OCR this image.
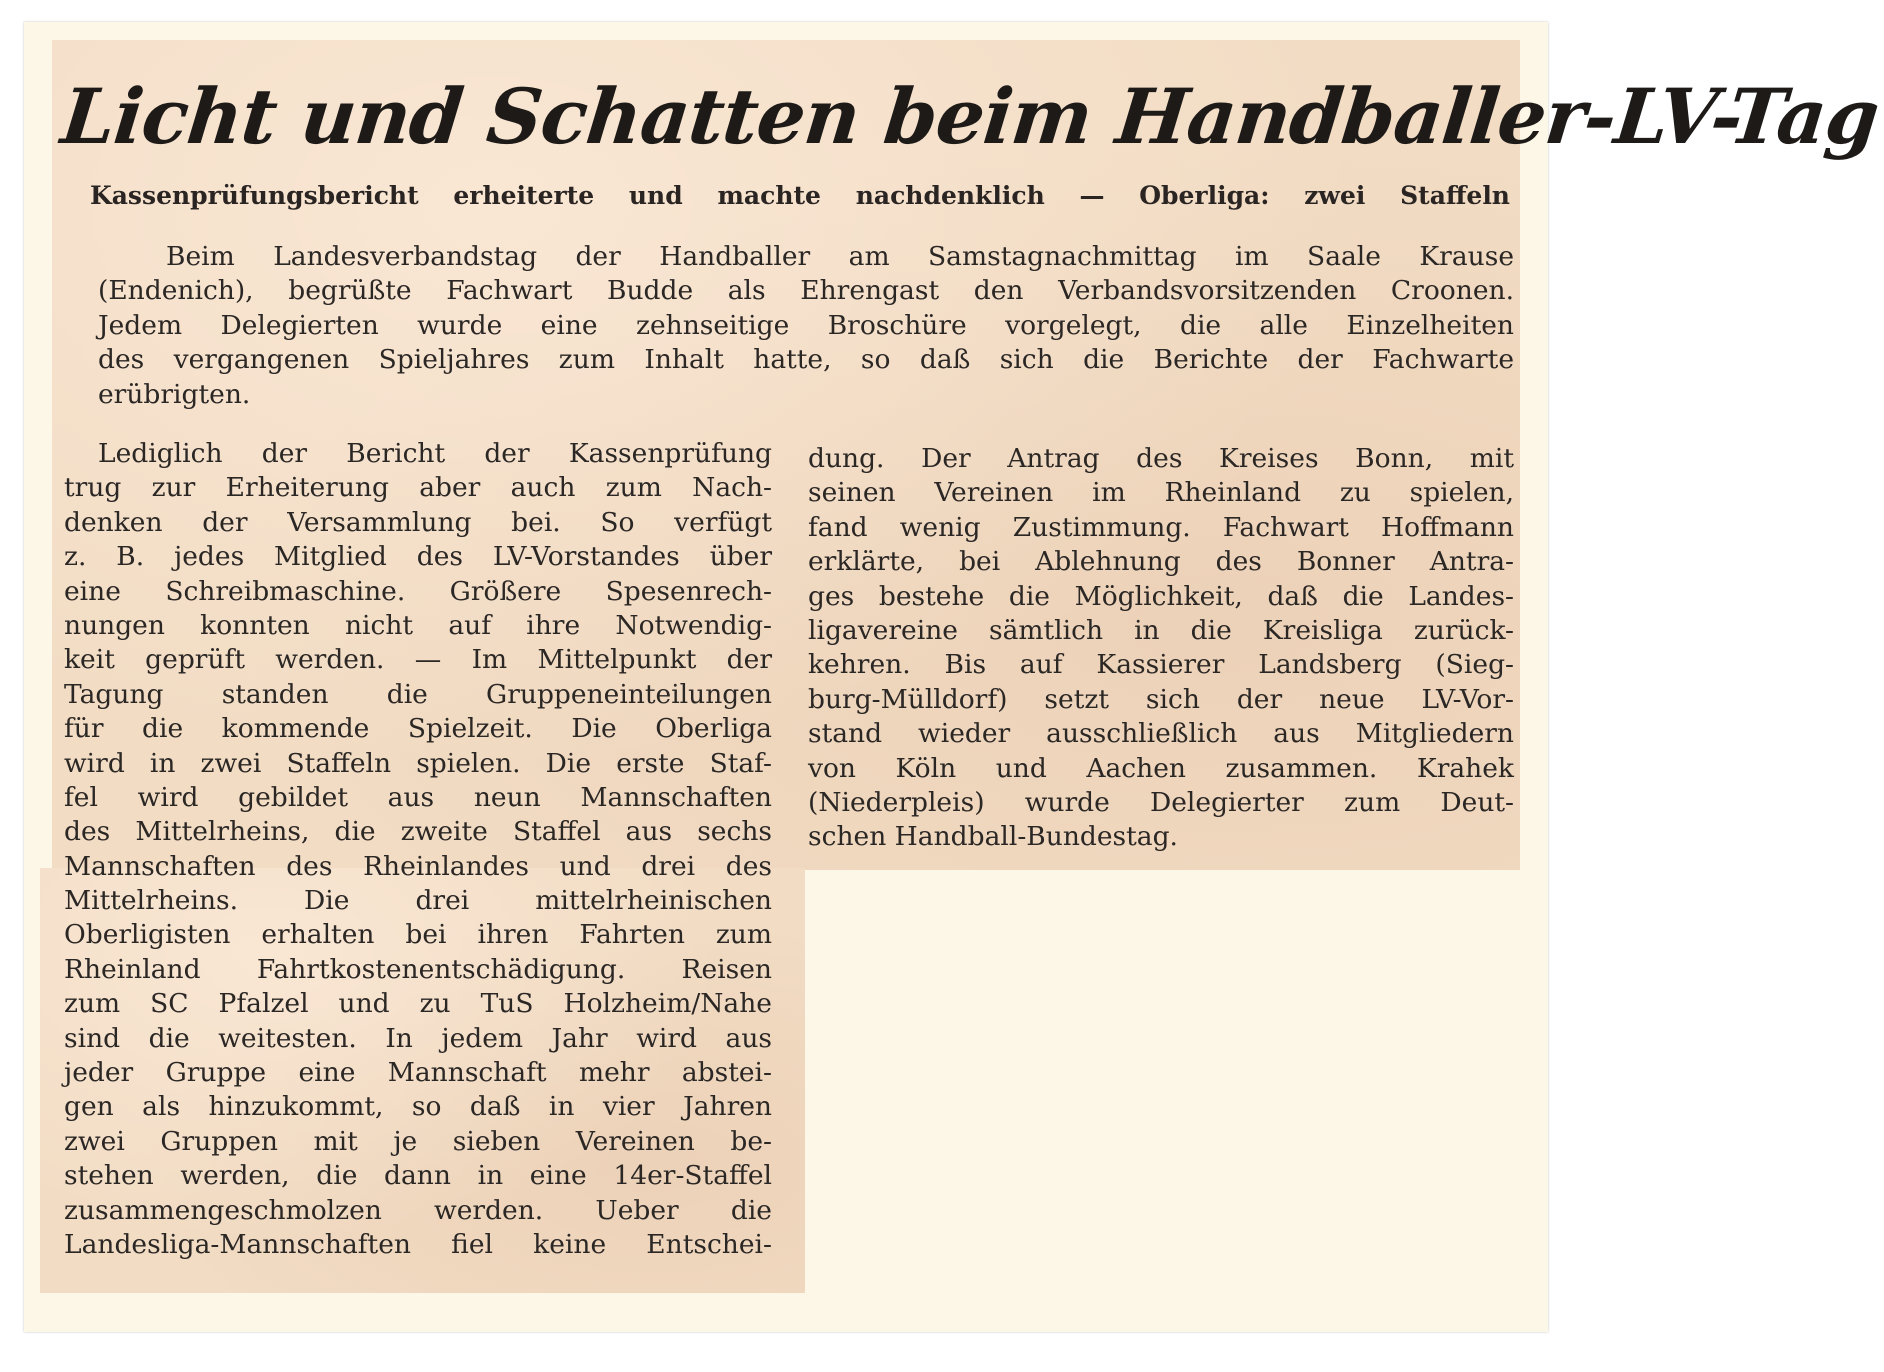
Licht und Schatten beim Handballer-LV-Tag
Kassenprüfungsbericht erheiterte und machte nachdenklich — Oberliga: zwei Staffeln
Beim Landesverbandstag der Handballer am Samstagnachmittag im Saale Krause
(Endenich), begrüßte Fachwart Budde als Ehrengast den Verbandsvorsitzenden Croonen.
Jedem Delegierten wurde eine zehnseitige Broschüre vorgelegt, die alle Einzelheiten
des vergangenen Spieljahres zum Inhalt hatte, so daß sich die Berichte der Fachwarte
erübrigten.
Lediglich der Bericht der Kassenprüfung
trug zur Erheiterung aber auch zum Nach-
denken der Versammlung bei. So verfügt
z. B. jedes Mitglied des LV-Vorstandes über
eine Schreibmaschine. Größere Spesenrech-
nungen konnten nicht auf ihre Notwendig-
keit geprüft werden. — Im Mittelpunkt der
Tagung standen die Gruppeneinteilungen
für die kommende Spielzeit. Die Oberliga
wird in zwei Staffeln spielen. Die erste Staf-
fel wird gebildet aus neun Mannschaften
des Mittelrheins, die zweite Staffel aus sechs
Mannschaften des Rheinlandes und drei des
Mittelrheins. Die drei mittelrheinischen
Oberligisten erhalten bei ihren Fahrten zum
Rheinland Fahrtkostenentschädigung. Reisen
zum SC Pfalzel und zu TuS Holzheim/Nahe
sind die weitesten. In jedem Jahr wird aus
jeder Gruppe eine Mannschaft mehr abstei-
gen als hinzukommt, so daß in vier Jahren
zwei Gruppen mit je sieben Vereinen be-
stehen werden, die dann in eine 14er-Staffel
zusammengeschmolzen werden. Ueber die
Landesliga-Mannschaften fiel keine Entschei-
dung. Der Antrag des Kreises Bonn, mit
seinen Vereinen im Rheinland zu spielen,
fand wenig Zustimmung. Fachwart Hoffmann
erklärte, bei Ablehnung des Bonner Antra-
ges bestehe die Möglichkeit, daß die Landes-
ligavereine sämtlich in die Kreisliga zurück-
kehren. Bis auf Kassierer Landsberg (Sieg-
burg-Mülldorf) setzt sich der neue LV-Vor-
stand wieder ausschließlich aus Mitgliedern
von Köln und Aachen zusammen. Krahek
(Niederpleis) wurde Delegierter zum Deut-
schen Handball-Bundestag.
